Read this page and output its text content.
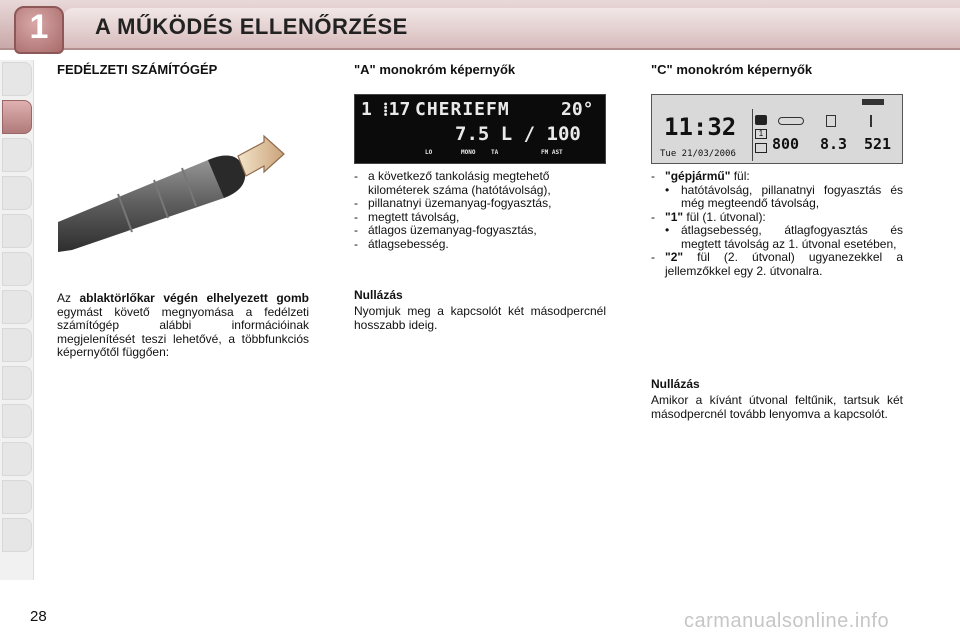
1	A MŰKÖDÉS ELLENŐRZÉSE
FEDÉLZETI SZÁMÍTÓGÉP
Az ablaktörlőkar végén elhelyezett gomb egymást követő megnyomása a fedélzeti számítógép alábbi információinak megjelenítését teszi lehetővé, a többfunkciós képernyőtől függően:
"A" monokróm képernyők
1 ⁞17 CHERIEFM	20°
7.5 L / 100
LO	MONO	TA	FM AST
- a következő tankolásig megtehető kilométerek száma (hatótávolság),
- pillanatnyi üzemanyag-fogyasztás,
- megtett távolság,
- átlagos üzemanyag-fogyasztás,
- átlagsebesség.
Nullázás
Nyomjuk meg a kapcsolót két másodpercnél hosszabb ideig.
"C" monokróm képernyők
11:32
Tue 21/03/2006
1
800 8.3 521
- "gépjármű" fül:
• hatótávolság, pillanatnyi fogyasztás és még megteendő távolság,
- "1" fül (1. útvonal):
• átlagsebesség, átlagfogyasztás és megtett távolság az 1. útvonal esetében,
- "2" fül (2. útvonal) ugyanezekkel a jellemzőkkel egy 2. útvonalra.
Nullázás
Amikor a kívánt útvonal feltűnik, tartsuk két másodpercnél tovább lenyomva a kapcsolót.
28	carmanualsonline.info
